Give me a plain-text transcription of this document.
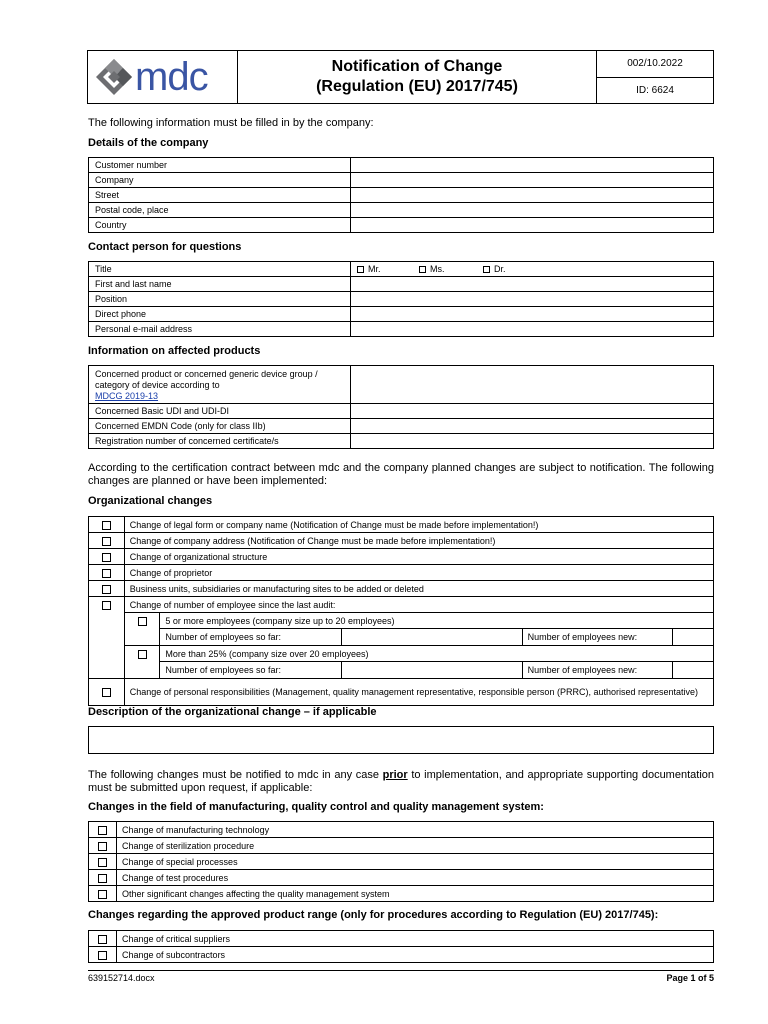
mdc	Notification of Change
(Regulation (EU) 2017/745)
002/10.2022
ID: 6624
The following information must be filled in by the company:
Details of the company
Customer number	
Company	
Street	
Postal code, place	
Country	
Contact person for questions
Title	Mr. Ms. Dr.
First and last name	
Position	
Direct phone	
Personal e-mail address	
Information on affected products
Concerned product or concerned generic device group / category of device according to
MDCG 2019-13	
Concerned Basic UDI and UDI-DI	
Concerned EMDN Code (only for class IIb)	
Registration number of concerned certificate/s	
According to the certification contract between mdc and the company planned changes are subject to notification. The following changes are planned or have been implemented:
Organizational changes
	Change of legal form or company name (Notification of Change must be made before implementation!)
	Change of company address (Notification of Change must be made before implementation!)
	Change of organizational structure
	Change of proprietor
	Business units, subsidiaries or manufacturing sites to be added or deleted
	Change of number of employee since the last audit:
	5 or more employees (company size up to 20 employees)
Number of employees so far:			Number of employees new:	

	More than 25% (company size over 20 employees)
Number of employees so far:			Number of employees new:	

	Change of personal responsibilities (Management, quality management representative, responsible person (PRRC), authorised representative)
Description of the organizational change – if applicable
The following changes must be notified to mdc in any case prior to implementation, and appropriate supporting documentation must be submitted upon request, if applicable:
Changes in the field of manufacturing, quality control and quality management system:
	Change of manufacturing technology
	Change of sterilization procedure
	Change of special processes
	Change of test procedures
	Other significant changes affecting the quality management system
Changes regarding the approved product range (only for procedures according to Regulation (EU) 2017/745):
	Change of critical suppliers
	Change of subcontractors
639152714.docx	Page 1 of 5
